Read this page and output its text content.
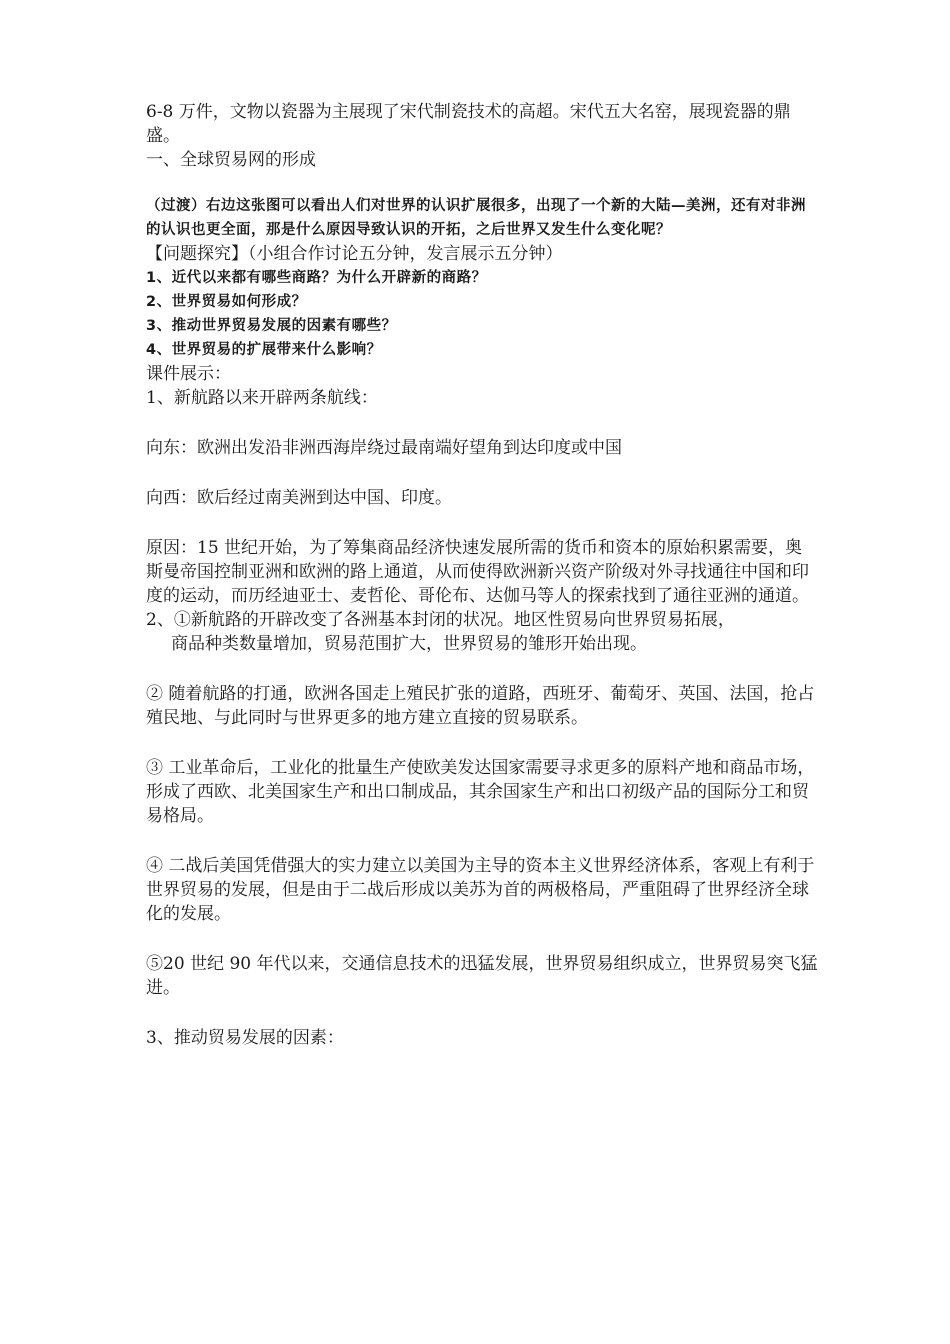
6-8 万件，文物以瓷器为主展现了宋代制瓷技术的高超。宋代五大名窑，展现瓷器的鼎盛。

一、全球贸易网的形成

（过渡）右边这张图可以看出人们对世界的认识扩展很多，出现了一个新的大陆—美洲，还有对非洲的认识也更全面，那是什么原因导致认识的开拓，之后世界又发生什么变化呢？

【问题探究】（小组合作讨论五分钟，发言展示五分钟）

1、近代以来都有哪些商路？为什么开辟新的商路？

2、世界贸易如何形成？

3、推动世界贸易发展的因素有哪些？

4、世界贸易的扩展带来什么影响？

课件展示：

1、新航路以来开辟两条航线：

向东：欧洲出发沿非洲西海岸绕过最南端好望角到达印度或中国

向西：欧后经过南美洲到达中国、印度。

原因：15 世纪开始，为了筹集商品经济快速发展所需的货币和资本的原始积累需要，奥斯曼帝国控制亚洲和欧洲的路上通道，从而使得欧洲新兴资产阶级对外寻找通往中国和印度的运动，而历经迪亚士、麦哲伦、哥伦布、达伽马等人的探索找到了通往亚洲的通道。

2、①新航路的开辟改变了各洲基本封闭的状况。地区性贸易向世界贸易拓展，

商品种类数量增加，贸易范围扩大，世界贸易的雏形开始出现。

② 随着航路的打通，欧洲各国走上殖民扩张的道路，西班牙、葡萄牙、英国、法国，抢占殖民地、与此同时与世界更多的地方建立直接的贸易联系。

③ 工业革命后，工业化的批量生产使欧美发达国家需要寻求更多的原料产地和商品市场，形成了西欧、北美国家生产和出口制成品，其余国家生产和出口初级产品的国际分工和贸易格局。

④ 二战后美国凭借强大的实力建立以美国为主导的资本主义世界经济体系，客观上有利于世界贸易的发展，但是由于二战后形成以美苏为首的两极格局，严重阻碍了世界经济全球化的发展。

⑤20 世纪 90 年代以来，交通信息技术的迅猛发展，世界贸易组织成立，世界贸易突飞猛进。

3、推动贸易发展的因素：
